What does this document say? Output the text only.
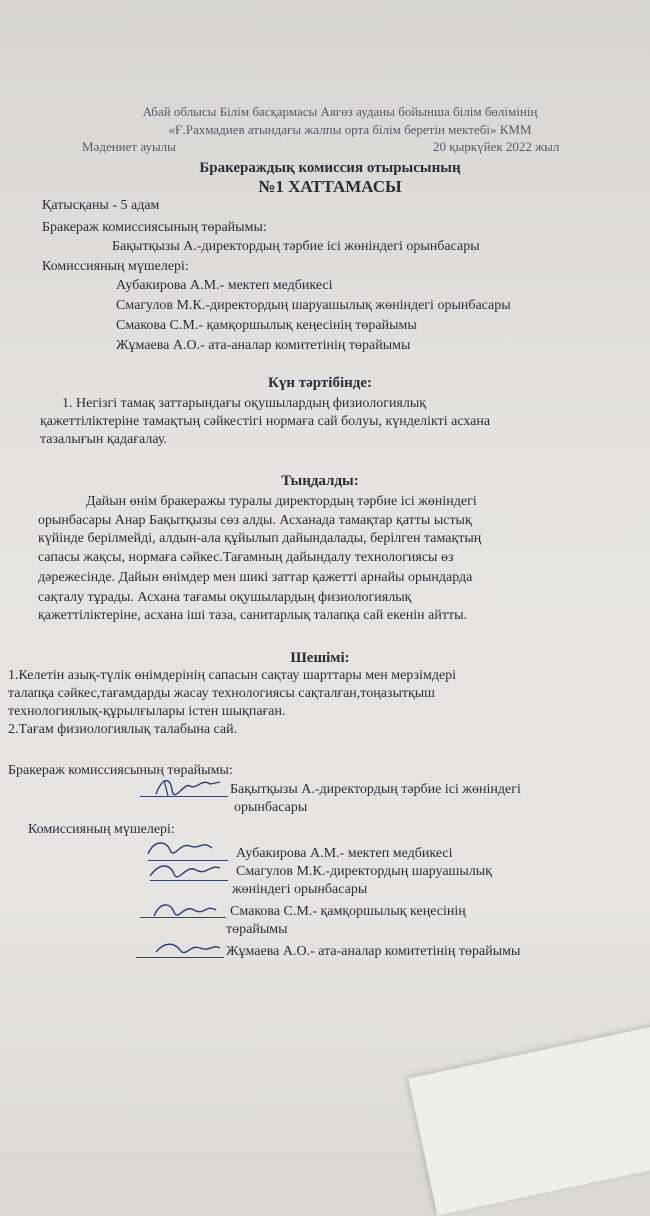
Абай облысы Білім басқармасы Аягөз ауданы бойынша білім бөлімінің
«Ғ.Рахмадиев атындағы жалпы орта білім беретін мектебі» КММ
Мәдениет ауылы	20 қыркүйек 2022 жыл
Бракераждық комиссия отырысының
№1 ХАТТАМАСЫ
Қатысқаны - 5 адам
Бракераж комиссиясының төрайымы:
Бақытқызы А.-директордың тәрбие ісі жөніндегі орынбасары
Комиссияның мүшелері:
Аубакирова А.М.- мектеп медбикесі
Смагулов М.К.-директордың шаруашылық жөніндегі орынбасары
Смакова С.М.- қамқоршылық кеңесінің төрайымы
Жұмаева А.О.- ата-аналар комитетінің төрайымы
Күн тәртібінде:
1. Негізгі тамақ заттарындағы оқушылардың физиологиялық
қажеттіліктеріне тамақтың сәйкестігі нормаға сай болуы, күнделікті асхана
тазалығын қадағалау.
Тыңдалды:
Дайын өнім бракеражы туралы директордың тәрбие ісі жөніндегі
орынбасары Анар Бақытқызы сөз алды. Асханада тамақтар қатты ыстық
күйінде берілмейді, алдын-ала құйылып дайындалады, берілген тамақтың
сапасы жақсы, нормаға сәйкес.Тағамның дайындалу технологиясы өз
дәрежесінде. Дайын өнімдер мен шикі заттар қажетті арнайы орындарда
сақталу тұрады. Асхана тағамы оқушылардың физиологиялық
қажеттіліктеріне, асхана іші таза, санитарлық талапқа сай екенін айтты.
Шешімі:
1.Келетін азық-түлік өнімдерінің сапасын сақтау шарттары мен мерзімдері
талапқа сәйкес,тағамдарды жасау технологиясы сақталған,тоңазытқыш
технологиялық-құрылғылары істен шықпаған.
2.Тағам физиологиялық талабына сай.
Бракераж комиссиясының төрайымы:
Бақытқызы А.-директордың тәрбие ісі жөніндегі
орынбасары
Комиссияның мүшелері:
Аубакирова А.М.- мектеп медбикесі
Смагулов М.К.-директордың шаруашылық
жөніндегі орынбасары
Смакова С.М.- қамқоршылық кеңесінің
төрайымы
Жұмаева А.О.- ата-аналар комитетінің төрайымы
